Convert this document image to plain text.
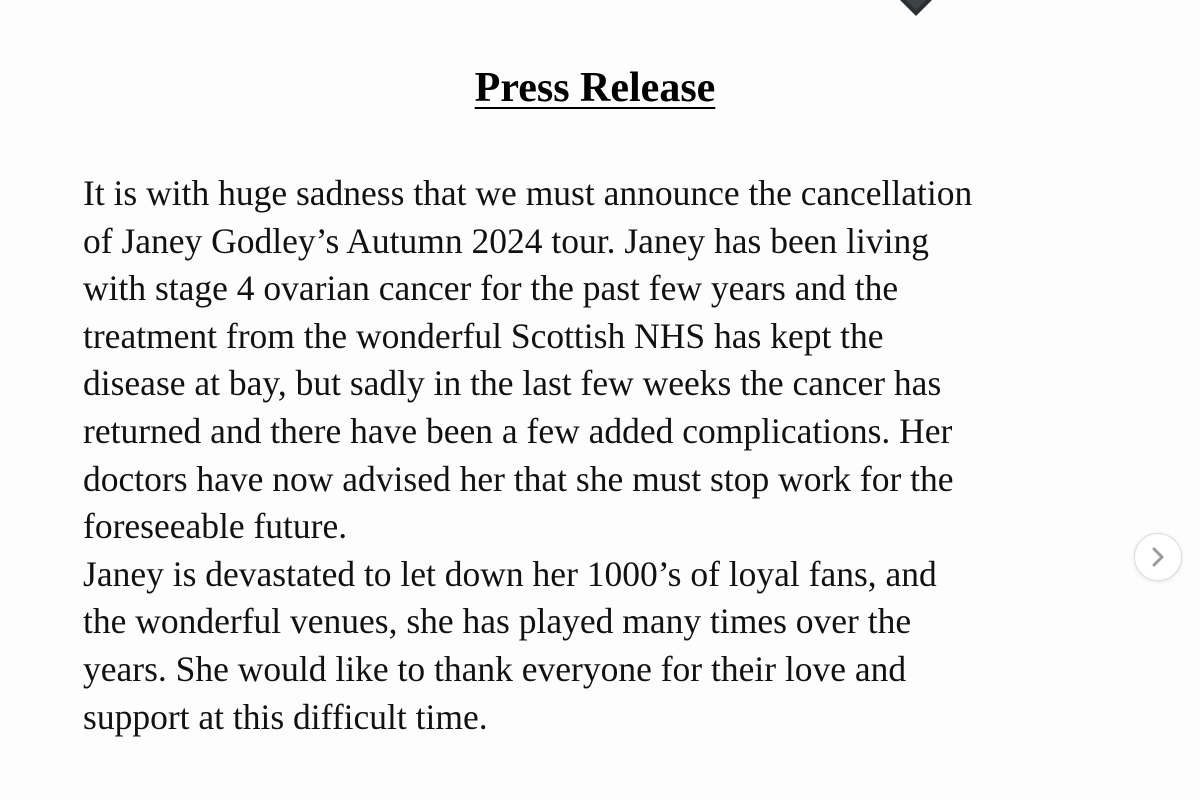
Press Release
It is with huge sadness that we must announce the cancellation
of Janey Godley’s Autumn 2024 tour. Janey has been living
with stage 4 ovarian cancer for the past few years and the
treatment from the wonderful Scottish NHS has kept the
disease at bay, but sadly in the last few weeks the cancer has
returned and there have been a few added complications. Her
doctors have now advised her that she must stop work for the
foreseeable future.
Janey is devastated to let down her 1000’s of loyal fans, and
the wonderful venues, she has played many times over the
years. She would like to thank everyone for their love and
support at this difficult time.
